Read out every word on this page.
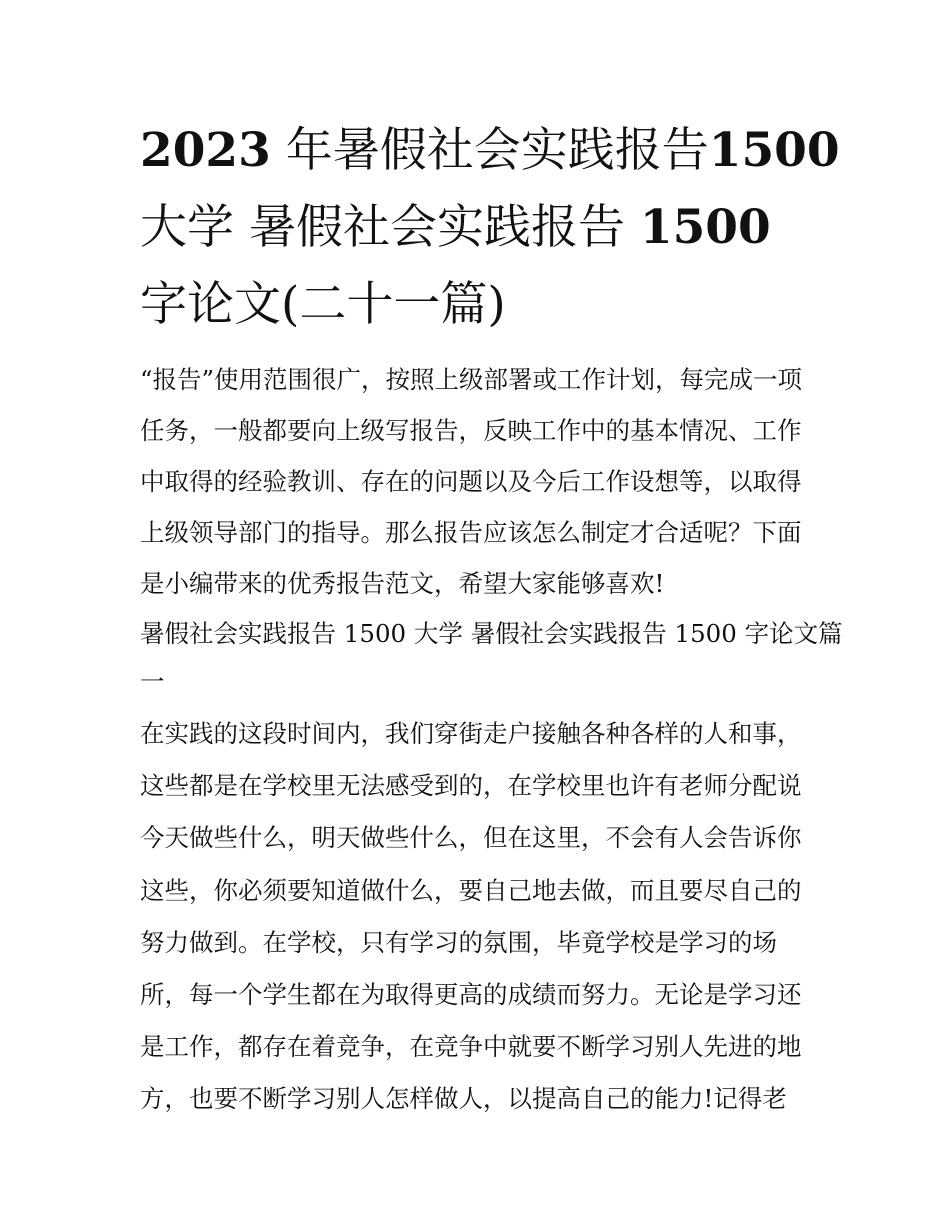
2023 年暑假社会实践报告1500
大学 暑假社会实践报告 1500
字论文(二十一篇)
“报告”使用范围很广，按照上级部署或工作计划，每完成一项
任务，一般都要向上级写报告，反映工作中的基本情况、工作
中取得的经验教训、存在的问题以及今后工作设想等，以取得
上级领导部门的指导。那么报告应该怎么制定才合适呢？下面
是小编带来的优秀报告范文，希望大家能够喜欢!
暑假社会实践报告 1500 大学 暑假社会实践报告 1500 字论文篇
一
在实践的这段时间内，我们穿街走户接触各种各样的人和事，
这些都是在学校里无法感受到的，在学校里也许有老师分配说
今天做些什么，明天做些什么，但在这里，不会有人会告诉你
这些，你必须要知道做什么，要自己地去做，而且要尽自己的
努力做到。在学校，只有学习的氛围，毕竟学校是学习的场
所，每一个学生都在为取得更高的成绩而努力。无论是学习还
是工作，都存在着竞争，在竞争中就要不断学习别人先进的地
方，也要不断学习别人怎样做人，以提高自己的能力!记得老
